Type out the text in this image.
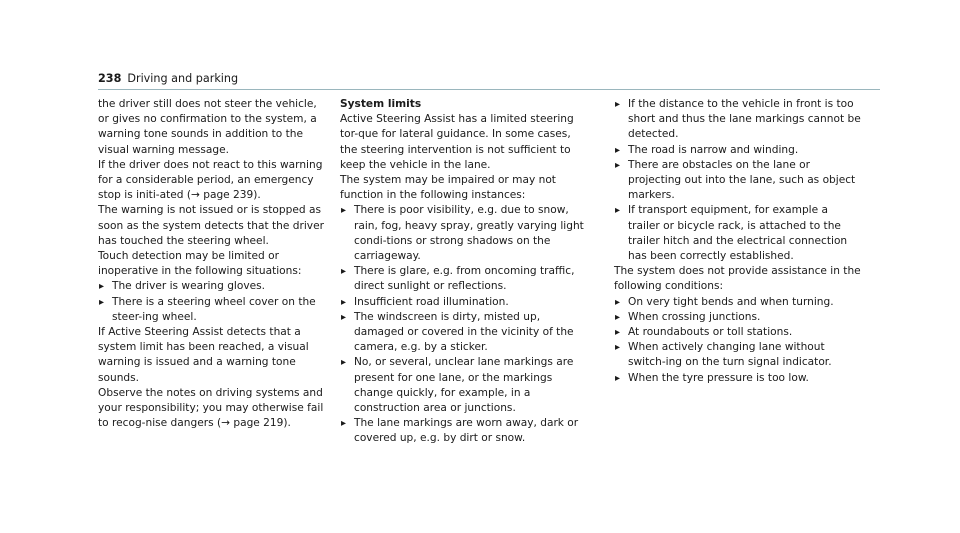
238 Driving and parking

the driver still does not steer the vehicle, or gives no confirmation to the system, a warning tone sounds in addition to the visual warning message.

If the driver does not react to this warning for a considerable period, an emergency stop is initi-ated (→ page 239).

The warning is not issued or is stopped as soon as the system detects that the driver has touched the steering wheel.

Touch detection may be limited or inoperative in the following situations:

▸ The driver is wearing gloves.
▸ There is a steering wheel cover on the steer-ing wheel.

If Active Steering Assist detects that a system limit has been reached, a visual warning is issued and a warning tone sounds.

Observe the notes on driving systems and your responsibility; you may otherwise fail to recog-nise dangers (→ page 219).

System limits

Active Steering Assist has a limited steering tor-que for lateral guidance. In some cases, the steering intervention is not sufficient to keep the vehicle in the lane.

The system may be impaired or may not function in the following instances:

▸ There is poor visibility, e.g. due to snow, rain, fog, heavy spray, greatly varying light condi-tions or strong shadows on the carriageway.
▸ There is glare, e.g. from oncoming traffic, direct sunlight or reflections.
▸ Insufficient road illumination.
▸ The windscreen is dirty, misted up, damaged or covered in the vicinity of the camera, e.g. by a sticker.
▸ No, or several, unclear lane markings are present for one lane, or the markings change quickly, for example, in a construction area or junctions.
▸ The lane markings are worn away, dark or covered up, e.g. by dirt or snow.
▸ If the distance to the vehicle in front is too short and thus the lane markings cannot be detected.
▸ The road is narrow and winding.
▸ There are obstacles on the lane or projecting out into the lane, such as object markers.
▸ If transport equipment, for example a trailer or bicycle rack, is attached to the trailer hitch and the electrical connection has been correctly established.

The system does not provide assistance in the following conditions:

▸ On very tight bends and when turning.
▸ When crossing junctions.
▸ At roundabouts or toll stations.
▸ When actively changing lane without switch-ing on the turn signal indicator.
▸ When the tyre pressure is too low.
